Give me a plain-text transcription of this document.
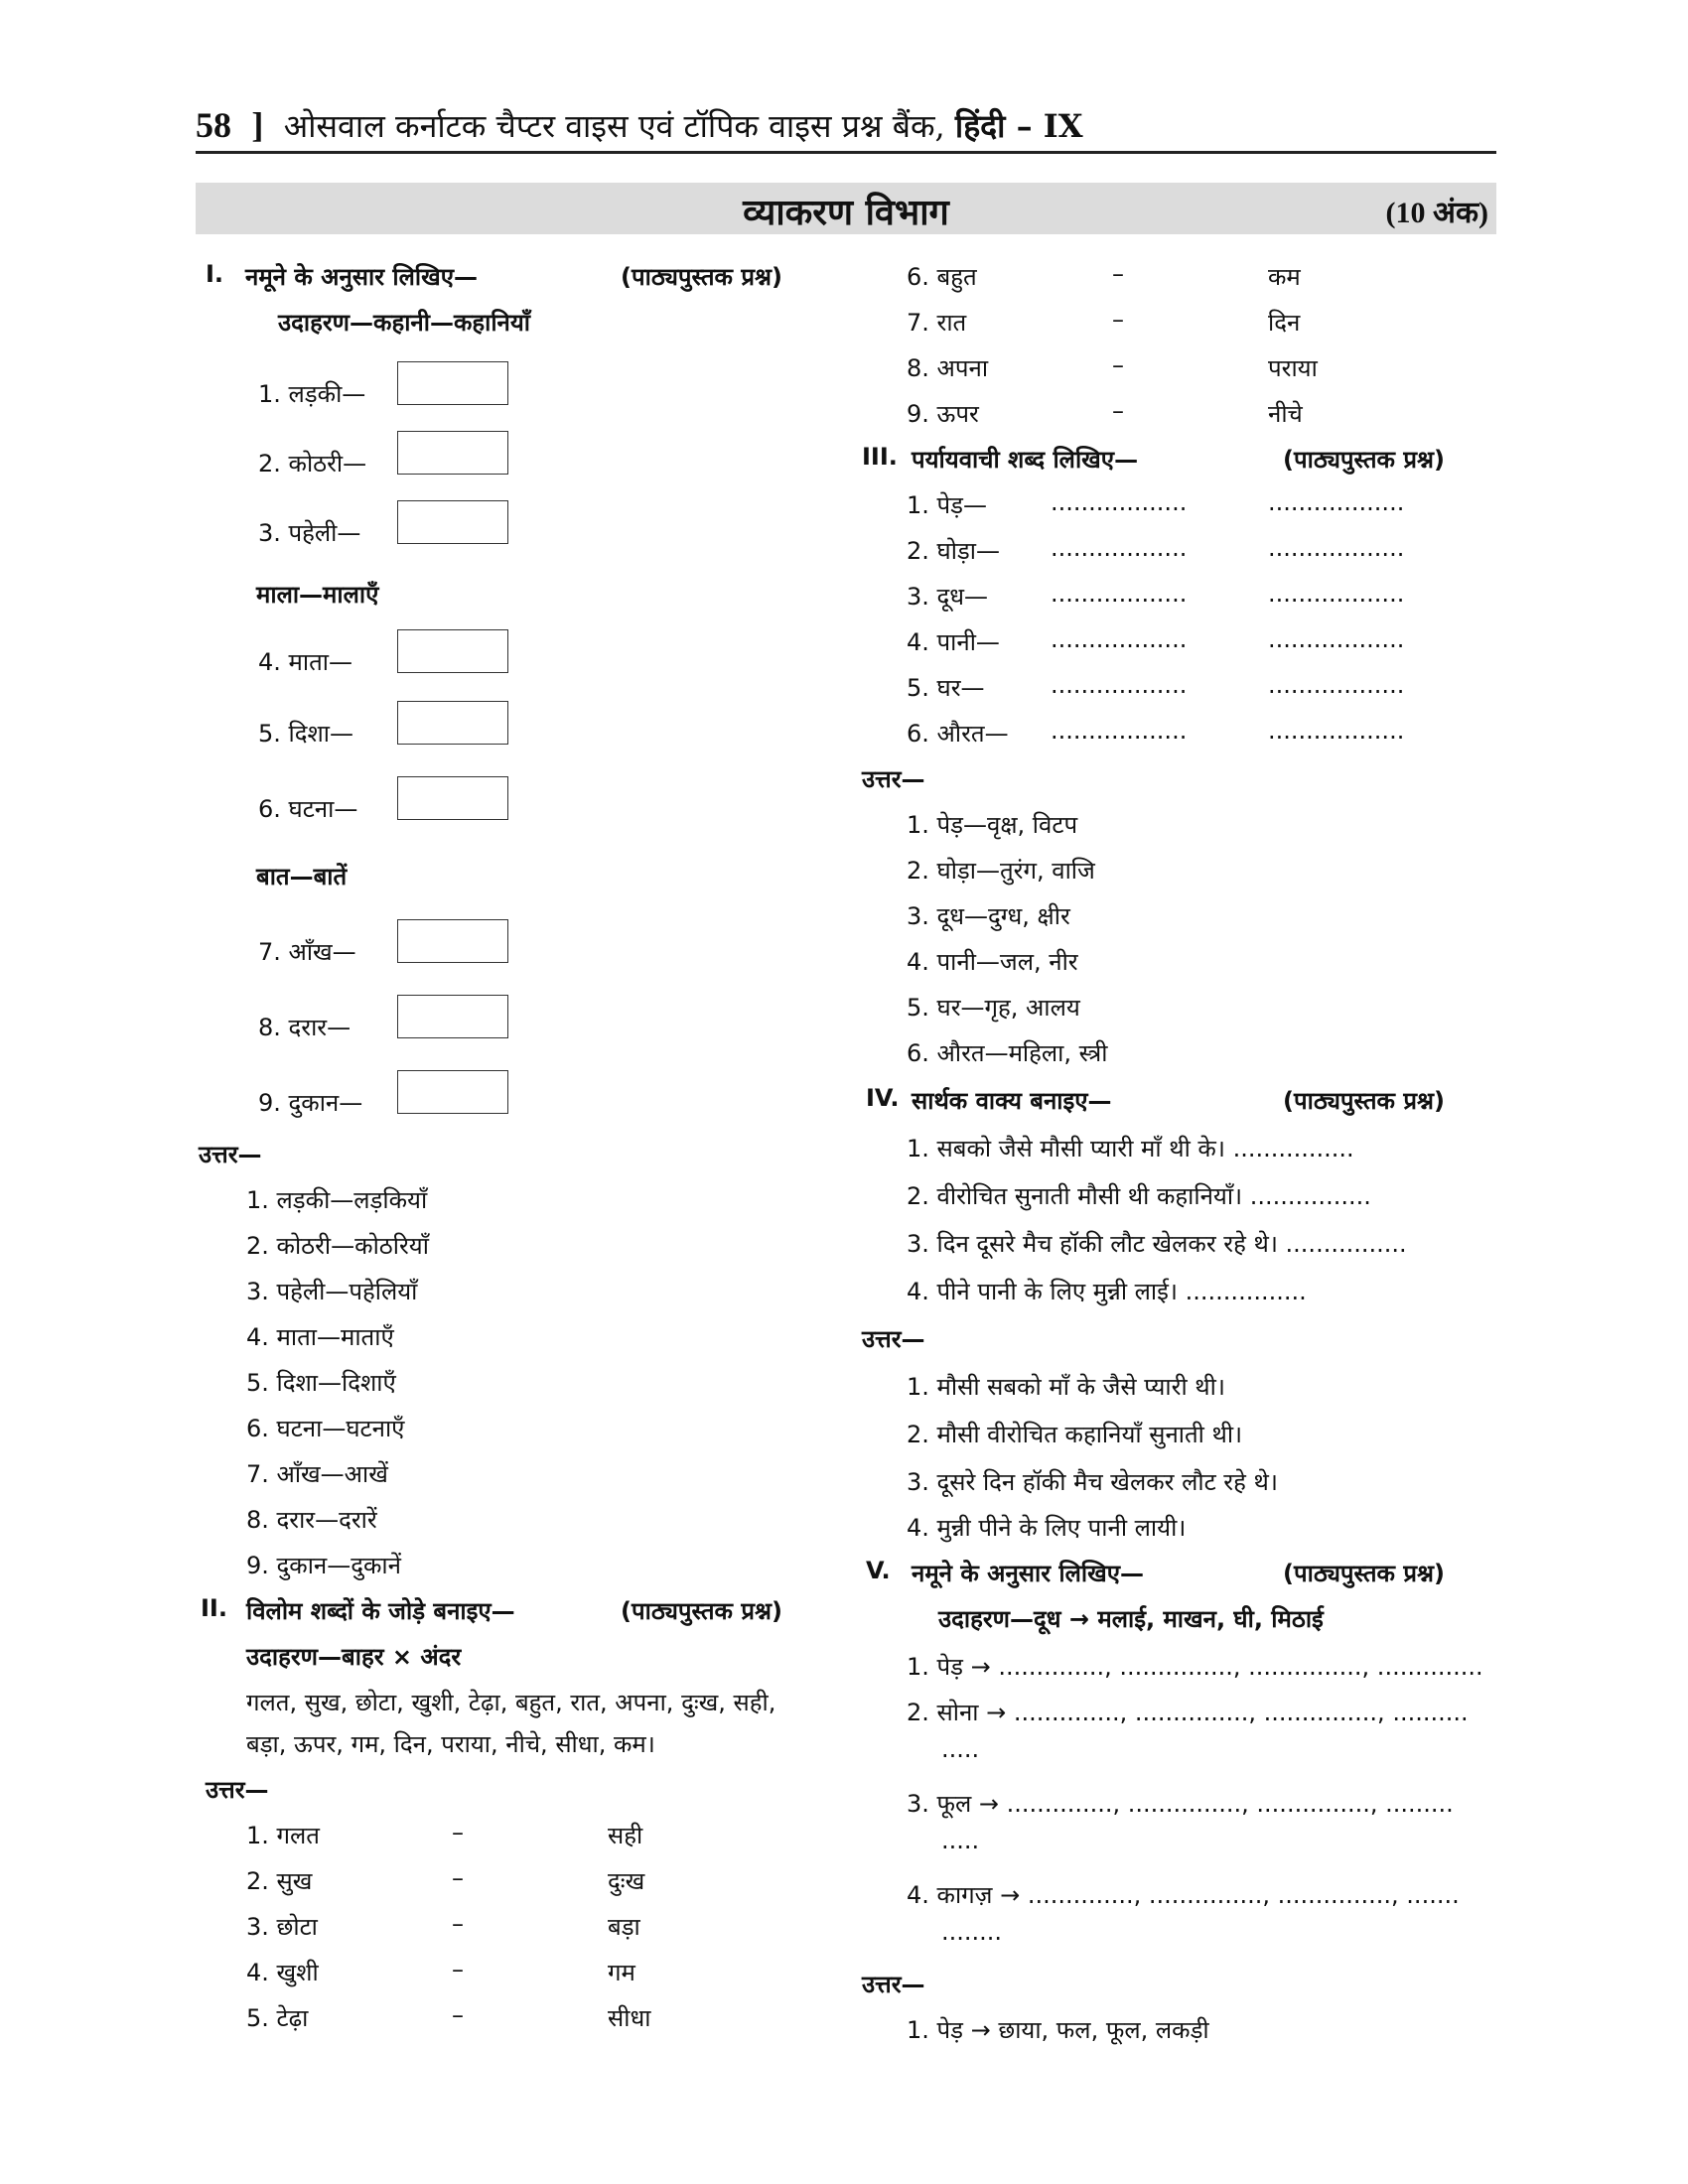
58 ] ओसवाल कर्नाटक चैप्टर वाइस एवं टॉपिक वाइस प्रश्न बैंक, हिंदी – IX
व्याकरण विभाग	(10 अंक)
I. नमूने के अनुसार लिखिए—	(पाठ्यपुस्तक प्रश्न)
उदाहरण—कहानी—कहानियाँ
1. लड़की—
2. कोठरी—
3. पहेली—
माला—मालाएँ
4. माता—
5. दिशा—
6. घटना—
बात—बातें
7. आँख—
8. दरार—
9. दुकान—
उत्तर—
1. लड़की—लड़कियाँ
2. कोठरी—कोठरियाँ
3. पहेली—पहेलियाँ
4. माता—माताएँ
5. दिशा—दिशाएँ
6. घटना—घटनाएँ
7. आँख—आखें
8. दरार—दरारें
9. दुकान—दुकानें
II. विलोम शब्दों के जोड़े बनाइए—	(पाठ्यपुस्तक प्रश्न)
उदाहरण—बाहर × अंदर
गलत, सुख, छोटा, खुशी, टेढ़ा, बहुत, रात, अपना, दुःख, सही,
बड़ा, ऊपर, गम, दिन, पराया, नीचे, सीधा, कम।
उत्तर—
1. गलत	–	सही
2. सुख	–	दुःख
3. छोटा	–	बड़ा
4. खुशी	–	गम
5. टेढ़ा	–	सीधा
6. बहुत	–	कम
7. रात	–	दिन
8. अपना	–	पराया
9. ऊपर	–	नीचे
III. पर्यायवाची शब्द लिखिए—	(पाठ्यपुस्तक प्रश्न)
1. पेड़—	..................	..................
2. घोड़ा— ..................	..................
3. दूध—	..................	..................
4. पानी— ..................	..................
5. घर—	..................	..................
6. औरत— ..................	..................
उत्तर—
1. पेड़—वृक्ष, विटप
2. घोड़ा—तुरंग, वाजि
3. दूध—दुग्ध, क्षीर
4. पानी—जल, नीर
5. घर—गृह, आलय
6. औरत—महिला, स्त्री
IV. सार्थक वाक्य बनाइए—	(पाठ्यपुस्तक प्रश्न)
1. सबको जैसे मौसी प्यारी माँ थी के। ................
2. वीरोचित सुनाती मौसी थी कहानियाँ। ................
3. दिन दूसरे मैच हॉकी लौट खेलकर रहे थे। ................
4. पीने पानी के लिए मुन्नी लाई। ................
उत्तर—
1. मौसी सबको माँ के जैसे प्यारी थी।
2. मौसी वीरोचित कहानियाँ सुनाती थी।
3. दूसरे दिन हॉकी मैच खेलकर लौट रहे थे।
4. मुन्नी पीने के लिए पानी लायी।
V. नमूने के अनुसार लिखिए—	(पाठ्यपुस्तक प्रश्न)
उदाहरण—दूध → मलाई, माखन, घी, मिठाई
1. पेड़ → .............., ..............., ..............., ..............
2. सोना → .............., ..............., ..............., ..........
.....
3. फूल → .............., ..............., ..............., .........
.....
4. कागज़ → .............., ..............., ..............., .......
........
उत्तर—
1. पेड़ → छाया, फल, फूल, लकड़ी
